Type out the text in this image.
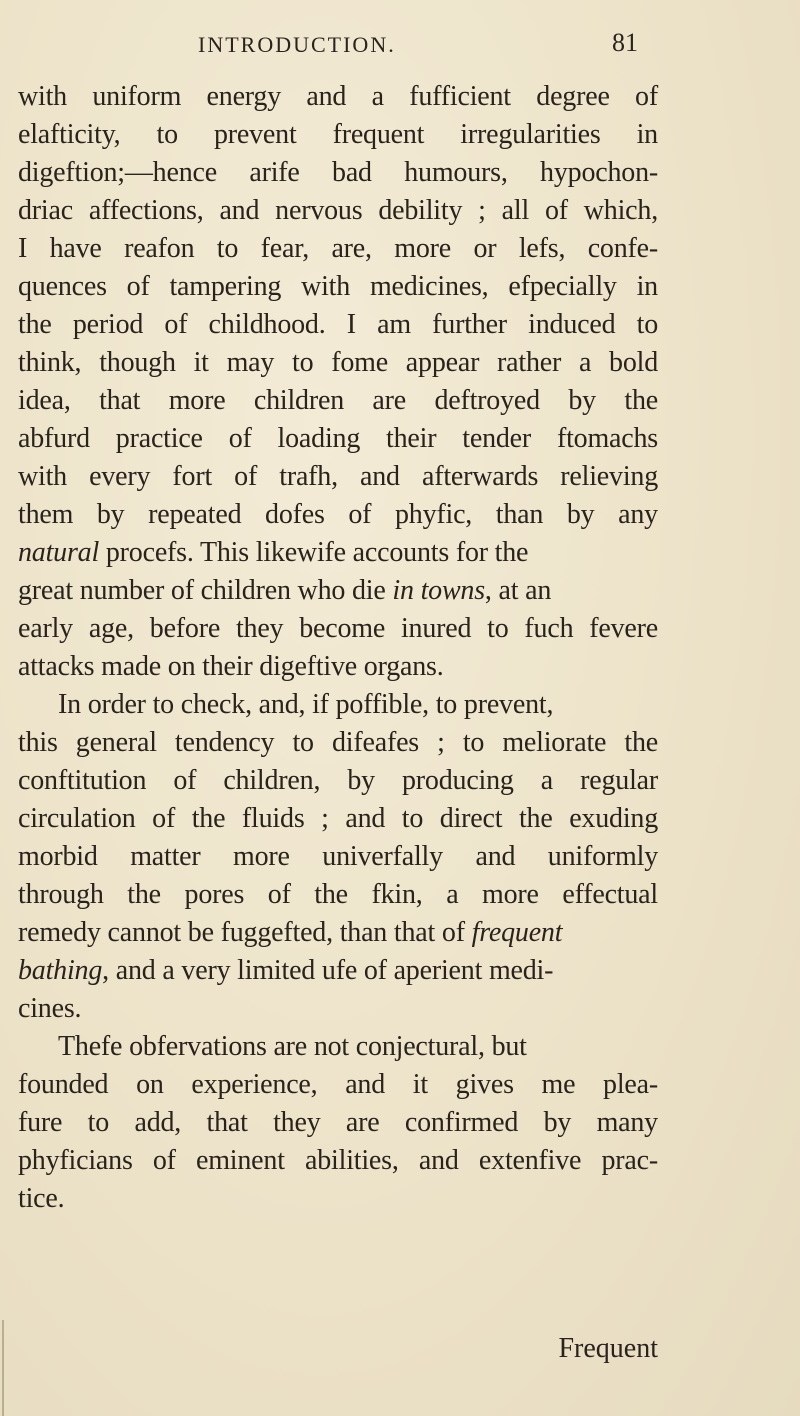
INTRODUCTION.	81
with uniform energy and a fufficient degree of
elafticity, to prevent frequent irregularities in
digeftion;—hence arife bad humours, hypochon-
driac affections, and nervous debility ; all of which,
I have reafon to fear, are, more or lefs, confe-
quences of tampering with medicines, efpecially in
the period of childhood. I am further induced to
think, though it may to fome appear rather a bold
idea, that more children are deftroyed by the
abfurd practice of loading their tender ftomachs
with every fort of trafh, and afterwards relieving
them by repeated dofes of phyfic, than by any
natural procefs. This likewife accounts for the
great number of children who die in towns, at an
early age, before they become inured to fuch fevere
attacks made on their digeftive organs.
In order to check, and, if poffible, to prevent,
this general tendency to difeafes ; to meliorate the
conftitution of children, by producing a regular
circulation of the fluids ; and to direct the exuding
morbid matter more univerfally and uniformly
through the pores of the fkin, a more effectual
remedy cannot be fuggefted, than that of frequent
bathing, and a very limited ufe of aperient medi-
cines.
Thefe obfervations are not conjectural, but
founded on experience, and it gives me plea-
fure to add, that they are confirmed by many
phyficians of eminent abilities, and extenfive prac-
tice.
Frequent
